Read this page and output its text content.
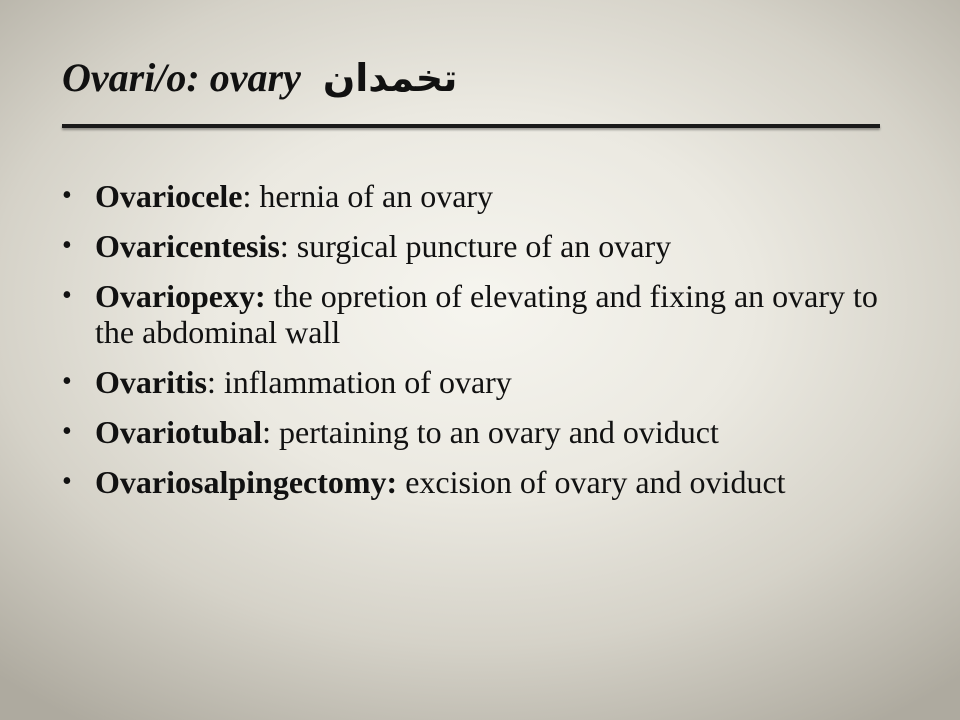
Ovari/o: ovary تخمدان
• Ovariocele: hernia of an ovary
• Ovaricentesis: surgical puncture of an ovary
• Ovariopexy: the opretion of elevating and fixing an ovary to the abdominal wall
• Ovaritis: inflammation of ovary
• Ovariotubal: pertaining to an ovary and oviduct
• Ovariosalpingectomy: excision of ovary and oviduct
